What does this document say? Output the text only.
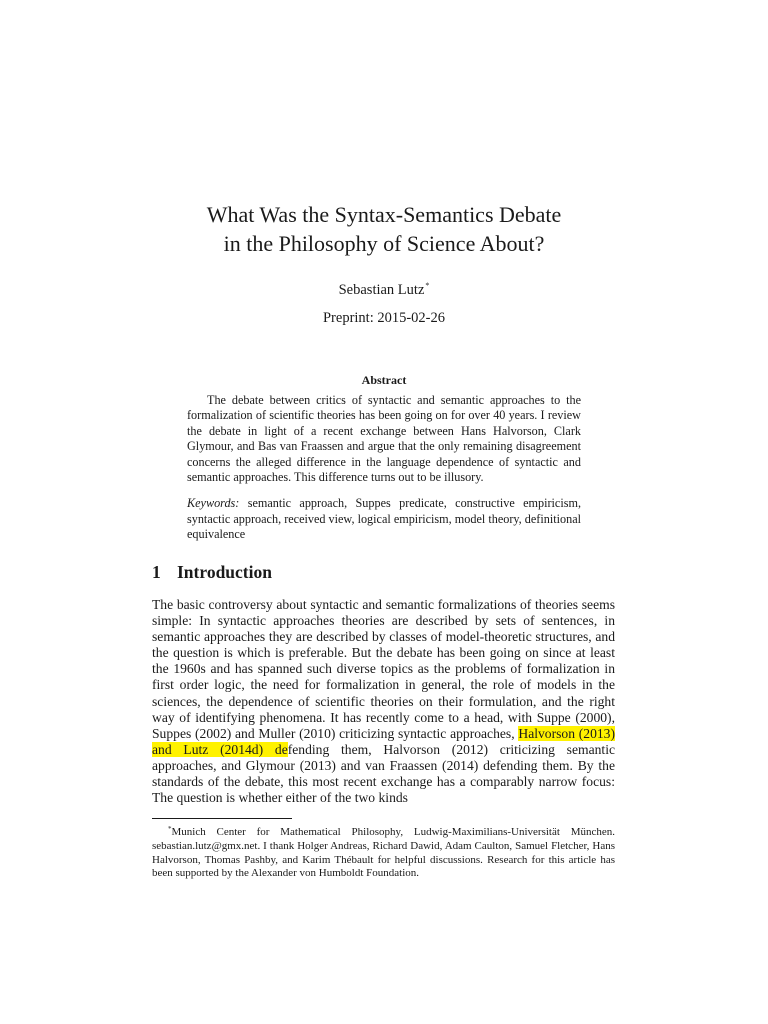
What Was the Syntax-Semantics Debate
in the Philosophy of Science About?
Sebastian Lutz*
Preprint: 2015-02-26
Abstract

The debate between critics of syntactic and semantic approaches to the formalization of scientific theories has been going on for over 40 years. I review the debate in light of a recent exchange between Hans Halvorson, Clark Glymour, and Bas van Fraassen and argue that the only remaining disagreement concerns the alleged difference in the language dependence of syntactic and semantic approaches. This difference turns out to be illusory.

Keywords: semantic approach, Suppes predicate, constructive empiricism, syntactic approach, received view, logical empiricism, model theory, definitional equivalence

1 Introduction

The basic controversy about syntactic and semantic formalizations of theories seems simple: In syntactic approaches theories are described by sets of sentences, in semantic approaches they are described by classes of model-theoretic structures, and the question is which is preferable. But the debate has been going on since at least the 1960s and has spanned such diverse topics as the problems of formalization in first order logic, the need for formalization in general, the role of models in the sciences, the dependence of scientific theories on their formulation, and the right way of identifying phenomena. It has recently come to a head, with Suppe (2000), Suppes (2002) and Muller (2010) criticizing syntactic approaches, Halvorson (2013) and Lutz (2014d) defending them, Halvorson (2012) criticizing semantic approaches, and Glymour (2013) and van Fraassen (2014) defending them. By the standards of the debate, this most recent exchange has a comparably narrow focus: The question is whether either of the two kinds

*Munich Center for Mathematical Philosophy, Ludwig-Maximilians-Universität München. sebastian.lutz@gmx.net. I thank Holger Andreas, Richard Dawid, Adam Caulton, Samuel Fletcher, Hans Halvorson, Thomas Pashby, and Karim Thébault for helpful discussions. Research for this article has been supported by the Alexander von Humboldt Foundation.
